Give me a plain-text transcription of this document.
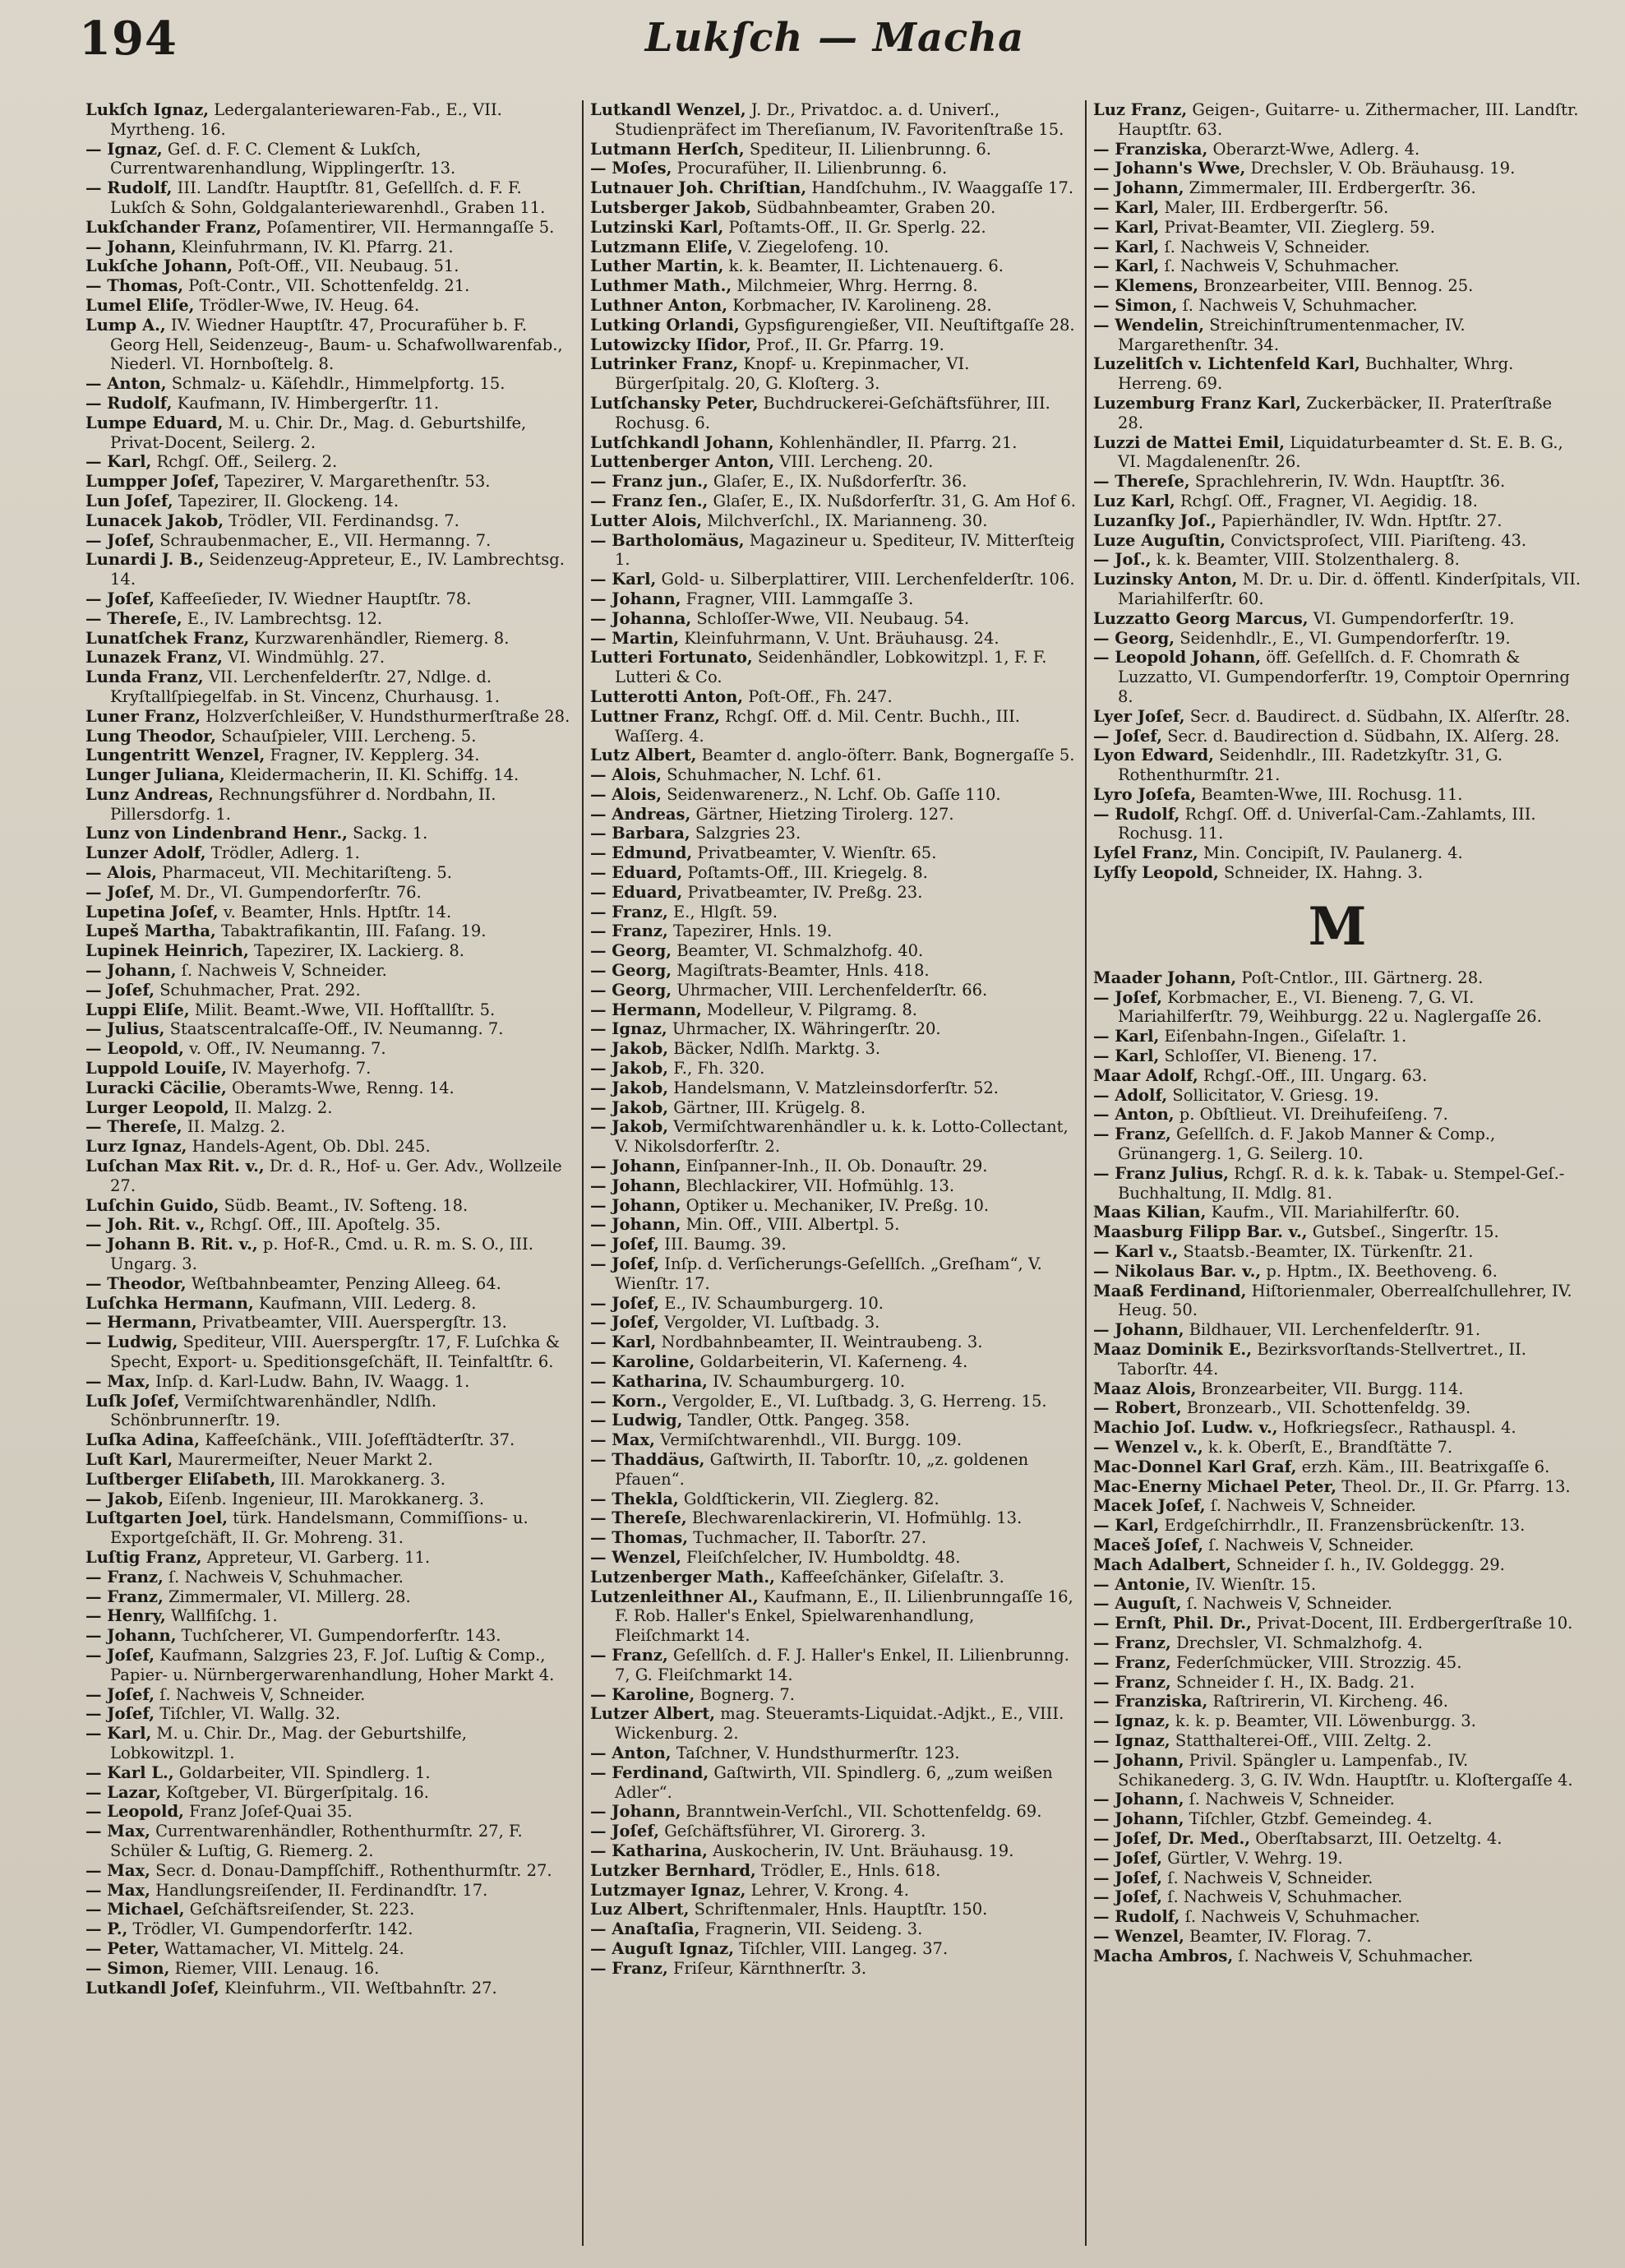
194	Lukſch — Macha
Lukſch Ignaz, Ledergalanteriewaren-Fab., E., VII. Myrtheng. 16.
— Ignaz, Geſ. d. F. C. Clement & Lukſch, Currentwarenhandlung, Wipplingerſtr. 13.
— Rudolf, III. Landſtr. Hauptſtr. 81, Geſellſch. d. F. F. Lukſch & Sohn, Goldgalanteriewarenhdl., Graben 11.
Lukſchander Franz, Poſamentirer, VII. Hermanngaſſe 5.
— Johann, Kleinfuhrmann, IV. Kl. Pfarrg. 21.
Lukſche Johann, Poſt-Off., VII. Neubaug. 51.
— Thomas, Poſt-Contr., VII. Schottenfeldg. 21.
Lumel Eliſe, Trödler-Wwe, IV. Heug. 64.
Lump A., IV. Wiedner Hauptſtr. 47, Procurafüher b. F. Georg Hell, Seidenzeug-, Baum- u. Schafwollwarenfab., Niederl. VI. Hornboſtelg. 8.
— Anton, Schmalz- u. Käſehdlr., Himmelpfortg. 15.
— Rudolf, Kaufmann, IV. Himbergerſtr. 11.
Lumpe Eduard, M. u. Chir. Dr., Mag. d. Geburtshilfe, Privat-Docent, Seilerg. 2.
— Karl, Rchgſ. Off., Seilerg. 2.
Lumpper Joſef, Tapezirer, V. Margarethenſtr. 53.
Lun Joſef, Tapezirer, II. Glockeng. 14.
Lunacek Jakob, Trödler, VII. Ferdinandsg. 7.
— Joſef, Schraubenmacher, E., VII. Hermanng. 7.
Lunardi J. B., Seidenzeug-Appreteur, E., IV. Lambrechtsg. 14.
— Joſef, Kaffeeſieder, IV. Wiedner Hauptſtr. 78.
— Thereſe, E., IV. Lambrechtsg. 12.
Lunatſchek Franz, Kurzwarenhändler, Riemerg. 8.
Lunazek Franz, VI. Windmühlg. 27.
Lunda Franz, VII. Lerchenfelderſtr. 27, Ndlge. d. Kryſtallſpiegelfab. in St. Vincenz, Churhausg. 1.
Luner Franz, Holzverſchleißer, V. Hundsthurmerſtraße 28.
Lung Theodor, Schauſpieler, VIII. Lercheng. 5.
Lungentritt Wenzel, Fragner, IV. Kepplerg. 34.
Lunger Juliana, Kleidermacherin, II. Kl. Schiffg. 14.
Lunz Andreas, Rechnungsführer d. Nordbahn, II. Pillersdorfg. 1.
Lunz von Lindenbrand Henr., Sackg. 1.
Lunzer Adolf, Trödler, Adlerg. 1.
— Alois, Pharmaceut, VII. Mechitariſteng. 5.
— Joſef, M. Dr., VI. Gumpendorferſtr. 76.
Lupetina Joſef, v. Beamter, Hnls. Hptſtr. 14.
Lupeš Martha, Tabaktrafikantin, III. Faſang. 19.
Lupinek Heinrich, Tapezirer, IX. Lackierg. 8.
— Johann, ſ. Nachweis V, Schneider.
— Joſef, Schuhmacher, Prat. 292.
Luppi Eliſe, Milit. Beamt.-Wwe, VII. Hofſtallſtr. 5.
— Julius, Staatscentralcaſſe-Off., IV. Neumanng. 7.
— Leopold, v. Off., IV. Neumanng. 7.
Luppold Louiſe, IV. Mayerhofg. 7.
Luracki Cäcilie, Oberamts-Wwe, Renng. 14.
Lurger Leopold, II. Malzg. 2.
— Thereſe, II. Malzg. 2.
Lurz Ignaz, Handels-Agent, Ob. Dbl. 245.
Luſchan Max Rit. v., Dr. d. R., Hof- u. Ger. Adv., Wollzeile 27.
Luſchin Guido, Südb. Beamt., IV. Softeng. 18.
— Joh. Rit. v., Rchgſ. Off., III. Apoſtelg. 35.
— Johann B. Rit. v., p. Hof-R., Cmd. u. R. m. S. O., III. Ungarg. 3.
— Theodor, Weſtbahnbeamter, Penzing Alleeg. 64.
Luſchka Hermann, Kaufmann, VIII. Lederg. 8.
— Hermann, Privatbeamter, VIII. Auerspergſtr. 13.
— Ludwig, Spediteur, VIII. Auerspergſtr. 17, F. Luſchka & Specht, Export- u. Speditionsgeſchäft, II. Teinfaltſtr. 6.
— Max, Inſp. d. Karl-Ludw. Bahn, IV. Waagg. 1.
Luſk Joſef, Vermiſchtwarenhändler, Ndlſh. Schönbrunnerſtr. 19.
Luſka Adina, Kaffeeſchänk., VIII. Joſefſtädterſtr. 37.
Luſt Karl, Maurermeiſter, Neuer Markt 2.
Luſtberger Eliſabeth, III. Marokkanerg. 3.
— Jakob, Eiſenb. Ingenieur, III. Marokkanerg. 3.
Luſtgarten Joel, türk. Handelsmann, Commiſſions- u. Exportgeſchäft, II. Gr. Mohreng. 31.
Luſtig Franz, Appreteur, VI. Garberg. 11.
— Franz, ſ. Nachweis V, Schuhmacher.
— Franz, Zimmermaler, VI. Millerg. 28.
— Henry, Wallfiſchg. 1.
— Johann, Tuchſcherer, VI. Gumpendorferſtr. 143.
— Joſef, Kaufmann, Salzgries 23, F. Joſ. Luſtig & Comp., Papier- u. Nürnbergerwarenhandlung, Hoher Markt 4.
— Joſef, ſ. Nachweis V, Schneider.
— Joſef, Tiſchler, VI. Wallg. 32.
— Karl, M. u. Chir. Dr., Mag. der Geburtshilfe, Lobkowitzpl. 1.
— Karl L., Goldarbeiter, VII. Spindlerg. 1.
— Lazar, Koſtgeber, VI. Bürgerſpitalg. 16.
— Leopold, Franz Joſef-Quai 35.
— Max, Currentwarenhändler, Rothenthurmſtr. 27, F. Schüler & Luſtig, G. Riemerg. 2.
— Max, Secr. d. Donau-Dampfſchiff., Rothenthurmſtr. 27.
— Max, Handlungsreiſender, II. Ferdinandſtr. 17.
— Michael, Geſchäftsreiſender, St. 223.
— P., Trödler, VI. Gumpendorferſtr. 142.
— Peter, Wattamacher, VI. Mittelg. 24.
— Simon, Riemer, VIII. Lenaug. 16.
Lutkandl Joſef, Kleinfuhrm., VII. Weſtbahnſtr. 27.
Lutkandl Wenzel, J. Dr., Privatdoc. a. d. Univerſ., Studienpräfect im Thereſianum, IV. Favoritenſtraße 15.
Lutmann Herſch, Spediteur, II. Lilienbrunng. 6.
— Moſes, Procurafüher, II. Lilienbrunng. 6.
Lutnauer Joh. Chriſtian, Handſchuhm., IV. Waaggaſſe 17.
Lutsberger Jakob, Südbahnbeamter, Graben 20.
Lutzinski Karl, Poſtamts-Off., II. Gr. Sperlg. 22.
Lutzmann Eliſe, V. Ziegelofeng. 10.
Luther Martin, k. k. Beamter, II. Lichtenauerg. 6.
Luthmer Math., Milchmeier, Whrg. Herrng. 8.
Luthner Anton, Korbmacher, IV. Karolineng. 28.
Lutking Orlandi, Gypsfigurengießer, VII. Neuſtiftgaſſe 28.
Lutowizcky Iſidor, Prof., II. Gr. Pfarrg. 19.
Lutrinker Franz, Knopf- u. Krepinmacher, VI. Bürgerſpitalg. 20, G. Kloſterg. 3.
Lutſchansky Peter, Buchdruckerei-Geſchäftsführer, III. Rochusg. 6.
Lutſchkandl Johann, Kohlenhändler, II. Pfarrg. 21.
Luttenberger Anton, VIII. Lercheng. 20.
— Franz jun., Glaſer, E., IX. Nußdorferſtr. 36.
— Franz ſen., Glaſer, E., IX. Nußdorferſtr. 31, G. Am Hof 6.
Lutter Alois, Milchverſchl., IX. Marianneng. 30.
— Bartholomäus, Magazineur u. Spediteur, IV. Mitterſteig 1.
— Karl, Gold- u. Silberplattirer, VIII. Lerchenfelderſtr. 106.
— Johann, Fragner, VIII. Lammgaſſe 3.
— Johanna, Schloſſer-Wwe, VII. Neubaug. 54.
— Martin, Kleinfuhrmann, V. Unt. Bräuhausg. 24.
Lutteri Fortunato, Seidenhändler, Lobkowitzpl. 1, F. F. Lutteri & Co.
Lutterotti Anton, Poſt-Off., Fh. 247.
Luttner Franz, Rchgſ. Off. d. Mil. Centr. Buchh., III. Waſſerg. 4.
Lutz Albert, Beamter d. anglo-öſterr. Bank, Bognergaſſe 5.
— Alois, Schuhmacher, N. Lchf. 61.
— Alois, Seidenwarenerz., N. Lchf. Ob. Gaſſe 110.
— Andreas, Gärtner, Hietzing Tirolerg. 127.
— Barbara, Salzgries 23.
— Edmund, Privatbeamter, V. Wienſtr. 65.
— Eduard, Poſtamts-Off., III. Kriegelg. 8.
— Eduard, Privatbeamter, IV. Preßg. 23.
— Franz, E., Hlgſt. 59.
— Franz, Tapezirer, Hnls. 19.
— Georg, Beamter, VI. Schmalzhofg. 40.
— Georg, Magiſtrats-Beamter, Hnls. 418.
— Georg, Uhrmacher, VIII. Lerchenfelderſtr. 66.
— Hermann, Modelleur, V. Pilgramg. 8.
— Ignaz, Uhrmacher, IX. Währingerſtr. 20.
— Jakob, Bäcker, Ndlſh. Marktg. 3.
— Jakob, F., Fh. 320.
— Jakob, Handelsmann, V. Matzleinsdorferſtr. 52.
— Jakob, Gärtner, III. Krügelg. 8.
— Jakob, Vermiſchtwarenhändler u. k. k. Lotto-Collectant, V. Nikolsdorferſtr. 2.
— Johann, Einſpanner-Inh., II. Ob. Donauſtr. 29.
— Johann, Blechlackirer, VII. Hofmühlg. 13.
— Johann, Optiker u. Mechaniker, IV. Preßg. 10.
— Johann, Min. Off., VIII. Albertpl. 5.
— Joſef, III. Baumg. 39.
— Joſef, Inſp. d. Verſicherungs-Geſellſch. „Greſham“, V. Wienſtr. 17.
— Joſef, E., IV. Schaumburgerg. 10.
— Joſef, Vergolder, VI. Luſtbadg. 3.
— Karl, Nordbahnbeamter, II. Weintraubeng. 3.
— Karoline, Goldarbeiterin, VI. Kaſerneng. 4.
— Katharina, IV. Schaumburgerg. 10.
— Korn., Vergolder, E., VI. Luſtbadg. 3, G. Herreng. 15.
— Ludwig, Tandler, Ottk. Pangeg. 358.
— Max, Vermiſchtwarenhdl., VII. Burgg. 109.
— Thaddäus, Gaſtwirth, II. Taborſtr. 10, „z. goldenen Pfauen“.
— Thekla, Goldſtickerin, VII. Zieglerg. 82.
— Thereſe, Blechwarenlackirerin, VI. Hofmühlg. 13.
— Thomas, Tuchmacher, II. Taborſtr. 27.
— Wenzel, Fleiſchſelcher, IV. Humboldtg. 48.
Lutzenberger Math., Kaffeeſchänker, Giſelaſtr. 3.
Lutzenleithner Al., Kaufmann, E., II. Lilienbrunngaſſe 16, F. Rob. Haller's Enkel, Spielwarenhandlung, Fleiſchmarkt 14.
— Franz, Geſellſch. d. F. J. Haller's Enkel, II. Lilienbrunng. 7, G. Fleiſchmarkt 14.
— Karoline, Bognerg. 7.
Lutzer Albert, mag. Steueramts-Liquidat.-Adjkt., E., VIII. Wickenburg. 2.
— Anton, Taſchner, V. Hundsthurmerſtr. 123.
— Ferdinand, Gaſtwirth, VII. Spindlerg. 6, „zum weißen Adler“.
— Johann, Branntwein-Verſchl., VII. Schottenfeldg. 69.
— Joſef, Geſchäftsführer, VI. Girorerg. 3.
— Katharina, Auskocherin, IV. Unt. Bräuhausg. 19.
Lutzker Bernhard, Trödler, E., Hnls. 618.
Lutzmayer Ignaz, Lehrer, V. Krong. 4.
Luz Albert, Schriftenmaler, Hnls. Hauptſtr. 150.
— Anaſtaſia, Fragnerin, VII. Seideng. 3.
— Auguſt Ignaz, Tiſchler, VIII. Langeg. 37.
— Franz, Friſeur, Kärnthnerſtr. 3.
Luz Franz, Geigen-, Guitarre- u. Zithermacher, III. Landſtr. Hauptſtr. 63.
— Franziska, Oberarzt-Wwe, Adlerg. 4.
— Johann's Wwe, Drechsler, V. Ob. Bräuhausg. 19.
— Johann, Zimmermaler, III. Erdbergerſtr. 36.
— Karl, Maler, III. Erdbergerſtr. 56.
— Karl, Privat-Beamter, VII. Zieglerg. 59.
— Karl, ſ. Nachweis V, Schneider.
— Karl, ſ. Nachweis V, Schuhmacher.
— Klemens, Bronzearbeiter, VIII. Bennog. 25.
— Simon, ſ. Nachweis V, Schuhmacher.
— Wendelin, Streichinſtrumentenmacher, IV. Margarethenſtr. 34.
Luzelitſch v. Lichtenfeld Karl, Buchhalter, Whrg. Herreng. 69.
Luzemburg Franz Karl, Zuckerbäcker, II. Praterſtraße 28.
Luzzi de Mattei Emil, Liquidaturbeamter d. St. E. B. G., VI. Magdalenenſtr. 26.
— Thereſe, Sprachlehrerin, IV. Wdn. Hauptſtr. 36.
Luz Karl, Rchgſ. Off., Fragner, VI. Aegidig. 18.
Luzanſky Joſ., Papierhändler, IV. Wdn. Hptſtr. 27.
Luze Auguſtin, Convictsproſect, VIII. Piariſteng. 43.
— Joſ., k. k. Beamter, VIII. Stolzenthalerg. 8.
Luzinsky Anton, M. Dr. u. Dir. d. öffentl. Kinderſpitals, VII. Mariahilferſtr. 60.
Luzzatto Georg Marcus, VI. Gumpendorferſtr. 19.
— Georg, Seidenhdlr., E., VI. Gumpendorferſtr. 19.
— Leopold Johann, öff. Geſellſch. d. F. Chomrath & Luzzatto, VI. Gumpendorferſtr. 19, Comptoir Opernring 8.
Lyer Joſef, Secr. d. Baudirect. d. Südbahn, IX. Alſerſtr. 28.
— Joſef, Secr. d. Baudirection d. Südbahn, IX. Alſerg. 28.
Lyon Edward, Seidenhdlr., III. Radetzkyſtr. 31, G. Rothenthurmſtr. 21.
Lyro Joſefa, Beamten-Wwe, III. Rochusg. 11.
— Rudolf, Rchgſ. Off. d. Univerſal-Cam.-Zahlamts, III. Rochusg. 11.
Lyſel Franz, Min. Concipiſt, IV. Paulanerg. 4.
Lyſſy Leopold, Schneider, IX. Hahng. 3.
M
Maader Johann, Poſt-Cntlor., III. Gärtnerg. 28.
— Joſef, Korbmacher, E., VI. Bieneng. 7, G. VI. Mariahilferſtr. 79, Weihburgg. 22 u. Naglergaſſe 26.
— Karl, Eiſenbahn-Ingen., Giſelaſtr. 1.
— Karl, Schloſſer, VI. Bieneng. 17.
Maar Adolf, Rchgſ.-Off., III. Ungarg. 63.
— Adolf, Sollicitator, V. Griesg. 19.
— Anton, p. Obſtlieut. VI. Dreihufeiſeng. 7.
— Franz, Geſellſch. d. F. Jakob Manner & Comp., Grünangerg. 1, G. Seilerg. 10.
— Franz Julius, Rchgſ. R. d. k. k. Tabak- u. Stempel-Geſ.-Buchhaltung, II. Mdlg. 81.
Maas Kilian, Kaufm., VII. Mariahilferſtr. 60.
Maasburg Filipp Bar. v., Gutsbeſ., Singerſtr. 15.
— Karl v., Staatsb.-Beamter, IX. Türkenſtr. 21.
— Nikolaus Bar. v., p. Hptm., IX. Beethoveng. 6.
Maaß Ferdinand, Hiſtorienmaler, Oberrealſchullehrer, IV. Heug. 50.
— Johann, Bildhauer, VII. Lerchenfelderſtr. 91.
Maaz Dominik E., Bezirksvorſtands-Stellvertret., II. Taborſtr. 44.
Maaz Alois, Bronzearbeiter, VII. Burgg. 114.
— Robert, Bronzearb., VII. Schottenfeldg. 39.
Machio Joſ. Ludw. v., Hofkriegsſecr., Rathauspl. 4.
— Wenzel v., k. k. Oberſt, E., Brandſtätte 7.
Mac-Donnel Karl Graf, erzh. Käm., III. Beatrixgaſſe 6.
Mac-Enerny Michael Peter, Theol. Dr., II. Gr. Pfarrg. 13.
Macek Joſef, ſ. Nachweis V, Schneider.
— Karl, Erdgeſchirrhdlr., II. Franzensbrückenſtr. 13.
Maceš Joſef, ſ. Nachweis V, Schneider.
Mach Adalbert, Schneider ſ. h., IV. Goldeggg. 29.
— Antonie, IV. Wienſtr. 15.
— Auguſt, ſ. Nachweis V, Schneider.
— Ernſt, Phil. Dr., Privat-Docent, III. Erdbergerſtraße 10.
— Franz, Drechsler, VI. Schmalzhofg. 4.
— Franz, Federſchmücker, VIII. Strozzig. 45.
— Franz, Schneider ſ. H., IX. Badg. 21.
— Franziska, Raſtrirerin, VI. Kircheng. 46.
— Ignaz, k. k. p. Beamter, VII. Löwenburgg. 3.
— Ignaz, Statthalterei-Off., VIII. Zeltg. 2.
— Johann, Privil. Spängler u. Lampenfab., IV. Schikanederg. 3, G. IV. Wdn. Hauptſtr. u. Kloſtergaſſe 4.
— Johann, ſ. Nachweis V, Schneider.
— Johann, Tiſchler, Gtzbf. Gemeindeg. 4.
— Joſef, Dr. Med., Oberſtabsarzt, III. Oetzeltg. 4.
— Joſef, Gürtler, V. Wehrg. 19.
— Joſef, ſ. Nachweis V, Schneider.
— Joſef, ſ. Nachweis V, Schuhmacher.
— Rudolf, ſ. Nachweis V, Schuhmacher.
— Wenzel, Beamter, IV. Florag. 7.
Macha Ambros, ſ. Nachweis V, Schuhmacher.
